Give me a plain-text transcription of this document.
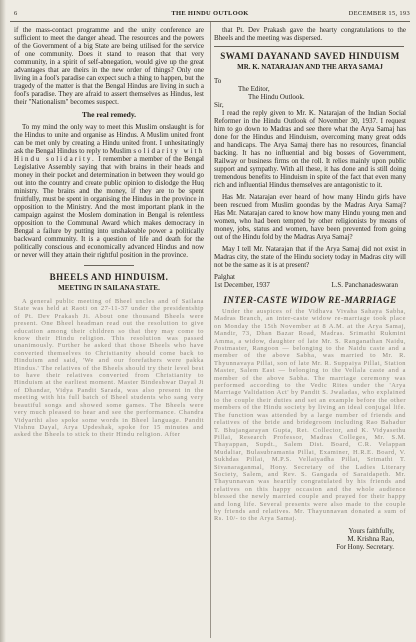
6	THE HINDU OUTLOOK	DECEMBER 15, 193

if the mass-contact programme and the unity conference are sufficient to meet the danger ahead. The resources and the powers of the Government of a big State are being utilised for the service of one community. Does it stand to reason that that very community, in a spirit of self-abnegation, would give up the great advantages that are theirs in the new order of things? Only one living in a fool's paradise can expect such a thing to happen, but the tragedy of the matter is that the Bengal Hindus are living in such a fool's paradise. They are afraid to assert themselves as Hindus, lest their "Nationalism" becomes suspect.

The real remedy.

To my mind the only way to meet this Muslim onslaught is for the Hindus to unite and organise as Hindus. A Muslim united front can be met only by creating a Hindu united front. I unhesitatingly ask the Bengal Hindus to reply to Muslim solidarity with Hindu solidarity. I remember a member of the Bengal Legislative Assembly saying that with brains in their heads and money in their pocket and determination in between they would go out into the country and create public opinion to dislodge the Huq ministry. The brains and the money, if they are to be spent fruitfully, must be spent in organising the Hindus in the province in opposition to the Ministry. And the most important plank in the campaign against the Moslem domination in Bengal is relentless opposition to the Communal Award which makes democracy in Bengal a failure by putting into unshakeable power a politically backward community. It is a question of life and death for the politically conscious and economically advanced Hindus and now or never will they attain their rightful position in the province.

BHEELS AND HINDUISM.
MEETING IN SAILANA STATE.

A general public meeting of Bheel uncles and of Sailana State was held at Raoti on 27-11-37 under the presidentship of Pt. Dev Prakash Ji. About one thousand Bheels were present. One Bheel headman read out the resolution to give education among their children so that they may come to know their Hindu religion. This resolution was passed unanimously. Further he asked that those Bheels who have converted themselves to Christianity should come back to Hinduism and said, 'We and our forefathers were pakka Hindus.' The relatives of the Bheels should try their level best to have their relatives converted from Christianity to Hinduism at the earliest moment. Master Bindeshwar Dayal Ji of Dhandar, Vidya Pandit Sarada, was also present in the meeting with his full batch of Bheel students who sang very beautiful songs and showed some games. The Bheels were very much pleased to hear and see the performance. Chandra Vidyarthi also spoke some words in Bheel language. Pandit Vishnu Dayal, Arya Updeshak, spoke for 15 minutes and asked the Bheels to stick to their Hindu religion. After

that Pt. Dev Prakash gave the hearty congratulations to the Bheels and the meeting was dispersed.

SWAMI DAYANAND SAVED HINDUISM
MR. K. NATARAJAN AND THE ARYA SAMAJ

To

The Editor,

The Hindu Outlook.

Sir,

I read the reply given to Mr. K. Natarajan of the Indian Social Reformer in the Hindu Outlook of November 30, 1937. I request him to go down to Madras and see there what the Arya Samaj has done for the Hindus and Hinduism, overcoming many great odds and handicaps. The Arya Samaj there has no resources, financial backing. It has no influential and big bosses of Government, Railway or business firms on the roll. It relies mainly upon public support and sympathy. With all these, it has done and is still doing tremendous benefits to Hinduism in spite of the fact that even many rich and influential Hindus themselves are antagonistic to it.

Has Mr. Natarajan ever heard of how many Hindu girls have been rescued from Muslim goondas by the Madras Arya Samaj? Has Mr. Natarajan cared to know how many Hindu young men and women, who had been tempted by other religionists by means of money, jobs, status and women, have been prevented from going out of the Hindu fold by the Madras Arya Samaj?

May I tell Mr. Natarajan that if the Arya Samaj did not exist in Madras city, the state of the Hindu society today in Madras city will not be the same as it is at present?

Palghat

1st December, 1937	L.S. Panchanadeswaran
INTER-CASTE WIDOW RE-MARRIAGE

Under the auspices of the Vidhava Vivaha Sahaya Sabha, Madras Branch, an inter-caste widow re-marriage took place on Monday the 15th November at 8 A.M. at the Arya Samaj, Mandir, 73, Dhan Bazar Road, Madras. Srimathi Rukmini Amma, a widow, daughter of late Mr. S. Ranganathan Naidu, Postmaster, Rangoon — belonging to the Naidu caste and a member of the above Sabha, was married to Mr. R. Thyunnavaya Pillai, son of late Mr. R. Suppaiya Pillai, Station Master, Salem East — belonging to the Vellala caste and a member of the above Sabha. The marriage ceremony was performed according to the Vedic Rites under the 'Arya Marriage Validation Act' by Pandit S. Jwaladas, who explained to the couple their duties and set an example before the other members of the Hindu society by living an ideal conjugal life. The function was attended by a large number of friends and relatives of the bride and bridegroom including Rao Bahadur T. Bhujangarayan Gupta, Ret. Collector, and K. Vidyasethu Pillai, Research Professor, Madras Colleges, Mr. S.M. Thayappan, Supdt., Salem Dist. Board, C.R. Velappan Mudaliar, Bulasubramania Pillai, Examiner, H.R.E. Board, V. Sukhdas Pillai, M.P.S. Vellaiyadha Pillai, Srimathi T. Sivanaraganmal, Hony. Secretary of the Ladies Literary Society, Salem, and Rev. S. Gangada of Saraidapeth. Mr. Thayunnavan was heartily congratulated by his friends and relatives on this happy occasion and the whole audience blessed the newly married couple and prayed for their happy and long life. Several presents were also made to the couple by friends and relatives. Mr. Thayunnavan donated a sum of Rs. 10/- to the Arya Samaj.

Yours faithfully,

M. Krishna Rao,

For Hony. Secretary.
